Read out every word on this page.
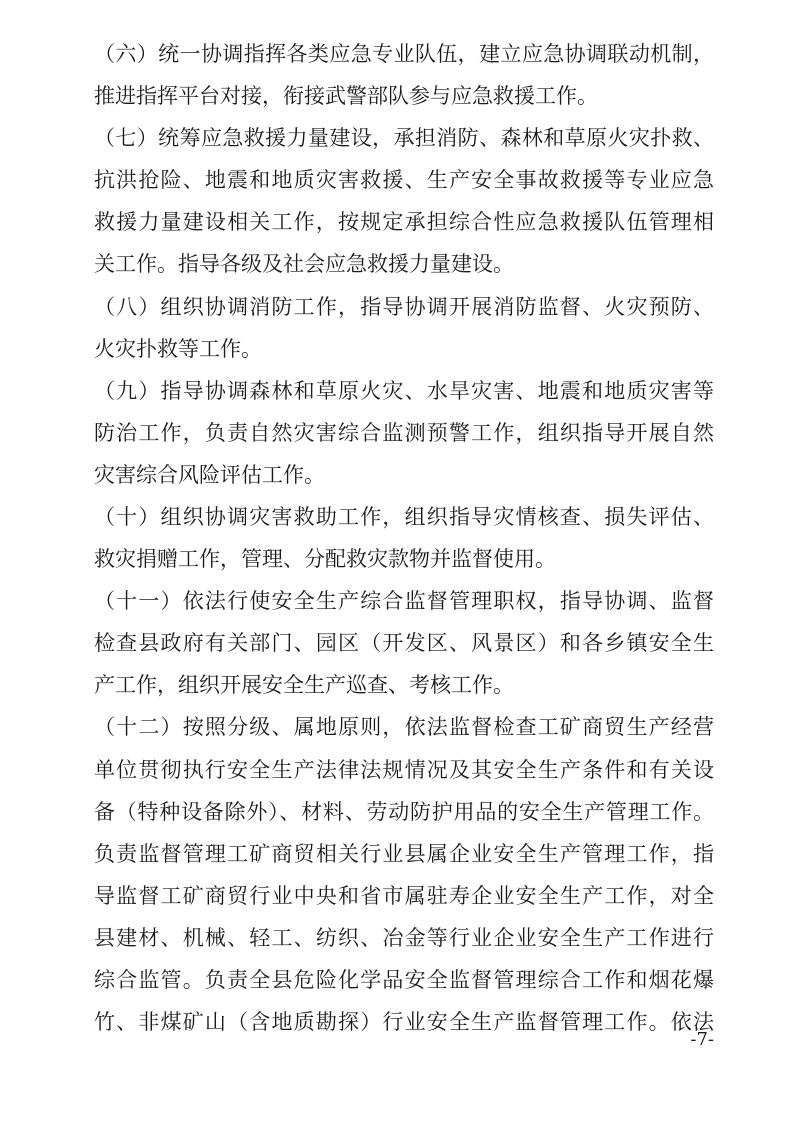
（六）统一协调指挥各类应急专业队伍，建立应急协调联动机制，
推进指挥平台对接，衔接武警部队参与应急救援工作。
（七）统筹应急救援力量建设，承担消防、森林和草原火灾扑救、
抗洪抢险、地震和地质灾害救援、生产安全事故救援等专业应急
救援力量建设相关工作，按规定承担综合性应急救援队伍管理相
关工作。指导各级及社会应急救援力量建设。
（八）组织协调消防工作，指导协调开展消防监督、火灾预防、
火灾扑救等工作。
（九）指导协调森林和草原火灾、水旱灾害、地震和地质灾害等
防治工作，负责自然灾害综合监测预警工作，组织指导开展自然
灾害综合风险评估工作。
（十）组织协调灾害救助工作，组织指导灾情核查、损失评估、
救灾捐赠工作，管理、分配救灾款物并监督使用。
（十一）依法行使安全生产综合监督管理职权，指导协调、监督
检查县政府有关部门、园区（开发区、风景区）和各乡镇安全生
产工作，组织开展安全生产巡查、考核工作。
（十二）按照分级、属地原则，依法监督检查工矿商贸生产经营
单位贯彻执行安全生产法律法规情况及其安全生产条件和有关设
备（特种设备除外）、材料、劳动防护用品的安全生产管理工作。
负责监督管理工矿商贸相关行业县属企业安全生产管理工作，指
导监督工矿商贸行业中央和省市属驻寿企业安全生产工作，对全
县建材、机械、轻工、纺织、冶金等行业企业安全生产工作进行
综合监管。负责全县危险化学品安全监督管理综合工作和烟花爆
竹、非煤矿山（含地质勘探）行业安全生产监督管理工作。依法
-7-
